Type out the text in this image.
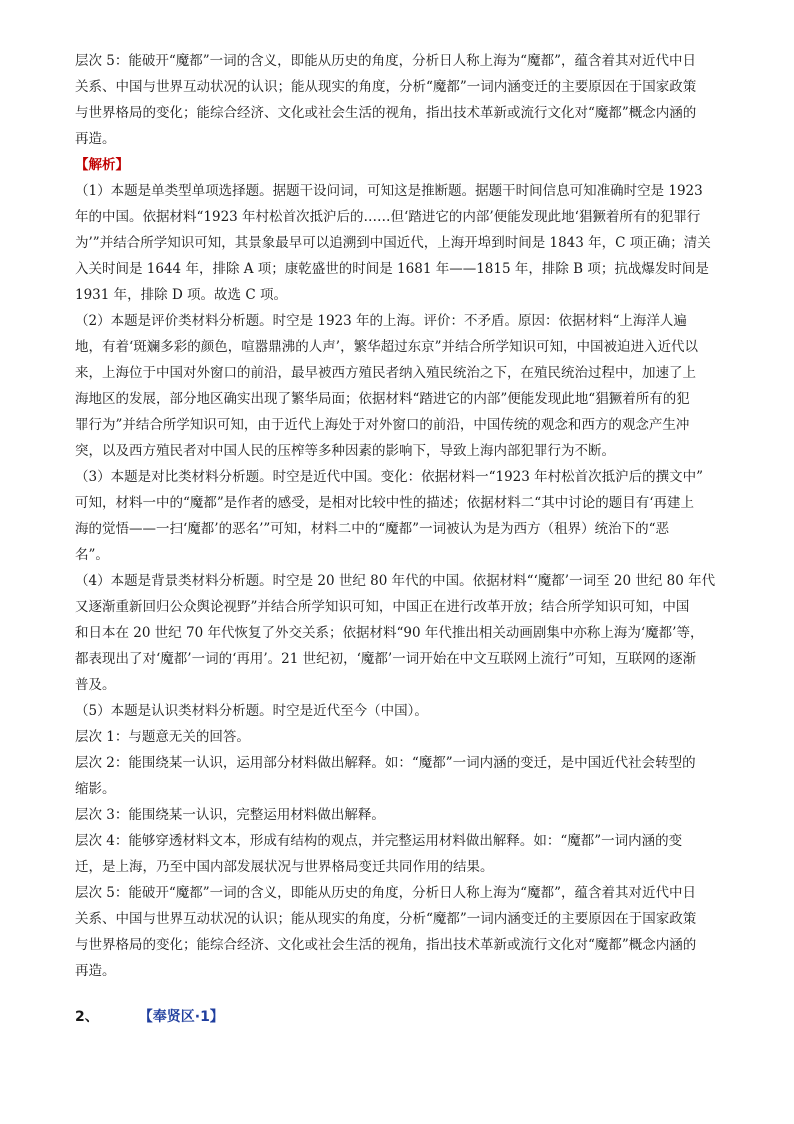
层次 5：能破开“魔都”一词的含义，即能从历史的角度，分析日人称上海为“魔都”，蕴含着其对近代中日
关系、中国与世界互动状况的认识；能从现实的角度，分析“魔都”一词内涵变迁的主要原因在于国家政策
与世界格局的变化；能综合经济、文化或社会生活的视角，指出技术革新或流行文化对“魔都”概念内涵的
再造。
【解析】
（1）本题是单类型单项选择题。据题干设问词，可知这是推断题。据题干时间信息可知准确时空是 1923
年的中国。依据材料“1923 年村松首次抵沪后的……但‘踏进它的内部’便能发现此地‘猖獗着所有的犯罪行
为’”并结合所学知识可知，其景象最早可以追溯到中国近代，上海开埠到时间是 1843 年，C 项正确；清关
入关时间是 1644 年，排除 A 项；康乾盛世的时间是 1681 年——1815 年，排除 B 项；抗战爆发时间是
1931 年，排除 D 项。故选 C 项。
（2）本题是评价类材料分析题。时空是 1923 年的上海。评价：不矛盾。原因：依据材料“上海洋人遍
地，有着‘斑斓多彩的颜色，喧嚣鼎沸的人声’，繁华超过东京”并结合所学知识可知，中国被迫进入近代以
来，上海位于中国对外窗口的前沿，最早被西方殖民者纳入殖民统治之下，在殖民统治过程中，加速了上
海地区的发展，部分地区确实出现了繁华局面；依据材料“踏进它的内部”便能发现此地“猖獗着所有的犯
罪行为”并结合所学知识可知，由于近代上海处于对外窗口的前沿，中国传统的观念和西方的观念产生冲
突，以及西方殖民者对中国人民的压榨等多种因素的影响下，导致上海内部犯罪行为不断。
（3）本题是对比类材料分析题。时空是近代中国。变化：依据材料一“1923 年村松首次抵沪后的撰文中”
可知，材料一中的“魔都”是作者的感受，是相对比较中性的描述；依据材料二“其中讨论的题目有‘再建上
海的觉悟——一扫‘魔都’的恶名’”可知，材料二中的“魔都”一词被认为是为西方（租界）统治下的“恶
名”。
（4）本题是背景类材料分析题。时空是 20 世纪 80 年代的中国。依据材料“‘魔都’一词至 20 世纪 80 年代
又逐渐重新回归公众舆论视野”并结合所学知识可知，中国正在进行改革开放；结合所学知识可知，中国
和日本在 20 世纪 70 年代恢复了外交关系；依据材料“90 年代推出相关动画剧集中亦称上海为‘魔都’等，
都表现出了对‘魔都’一词的‘再用’。21 世纪初，‘魔都’一词开始在中文互联网上流行”可知，互联网的逐渐
普及。
（5）本题是认识类材料分析题。时空是近代至今（中国）。
层次 1：与题意无关的回答。
层次 2：能围绕某一认识，运用部分材料做出解释。如：“魔都”一词内涵的变迁，是中国近代社会转型的
缩影。
层次 3：能围绕某一认识，完整运用材料做出解释。
层次 4：能够穿透材料文本，形成有结构的观点，并完整运用材料做出解释。如：“魔都”一词内涵的变
迁，是上海，乃至中国内部发展状况与世界格局变迁共同作用的结果。
层次 5：能破开“魔都”一词的含义，即能从历史的角度，分析日人称上海为“魔都”，蕴含着其对近代中日
关系、中国与世界互动状况的认识；能从现实的角度，分析“魔都”一词内涵变迁的主要原因在于国家政策
与世界格局的变化；能综合经济、文化或社会生活的视角，指出技术革新或流行文化对“魔都”概念内涵的
再造。
2、	【奉贤区·1】
